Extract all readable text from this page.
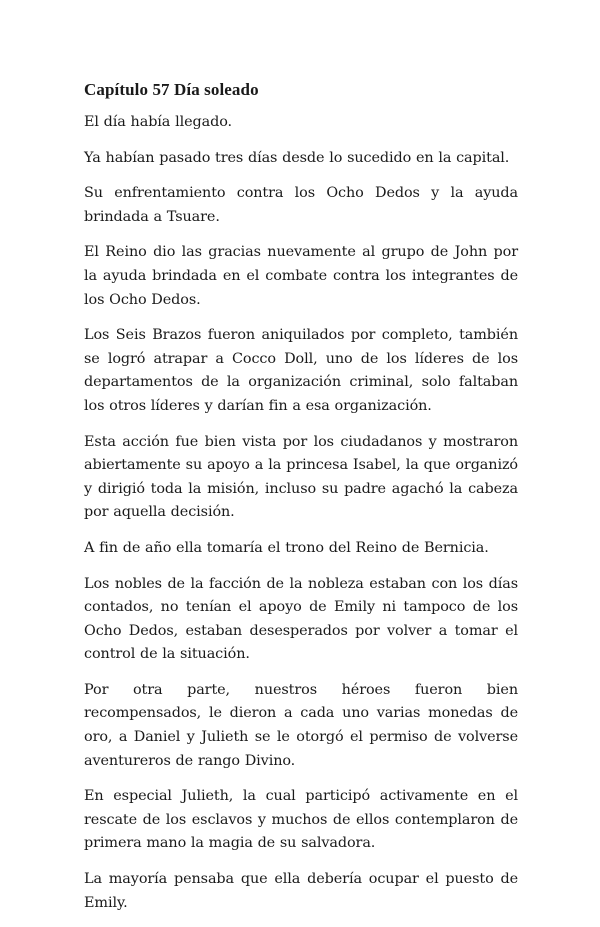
Capítulo 57 Día soleado

El día había llegado.

Ya habían pasado tres días desde lo sucedido en la capital.

Su enfrentamiento contra los Ocho Dedos y la ayuda brindada a Tsuare.

El Reino dio las gracias nuevamente al grupo de John por la ayuda brindada en el combate contra los integrantes de los Ocho Dedos.

Los Seis Brazos fueron aniquilados por completo, también se logró atrapar a Cocco Doll, uno de los líderes de los departamentos de la organización criminal, solo faltaban los otros líderes y darían fin a esa organización.

Esta acción fue bien vista por los ciudadanos y mostraron abiertamente su apoyo a la princesa Isabel, la que organizó y dirigió toda la misión, incluso su padre agachó la cabeza por aquella decisión.

A fin de año ella tomaría el trono del Reino de Bernicia.

Los nobles de la facción de la nobleza estaban con los días contados, no tenían el apoyo de Emily ni tampoco de los Ocho Dedos, estaban desesperados por volver a tomar el control de la situación.

Por otra parte, nuestros héroes fueron bien recompensados, le dieron a cada uno varias monedas de oro, a Daniel y Julieth se le otorgó el permiso de volverse aventureros de rango Divino.

En especial Julieth, la cual participó activamente en el rescate de los esclavos y muchos de ellos contemplaron de primera mano la magia de su salvadora.

La mayoría pensaba que ella debería ocupar el puesto de Emily.
